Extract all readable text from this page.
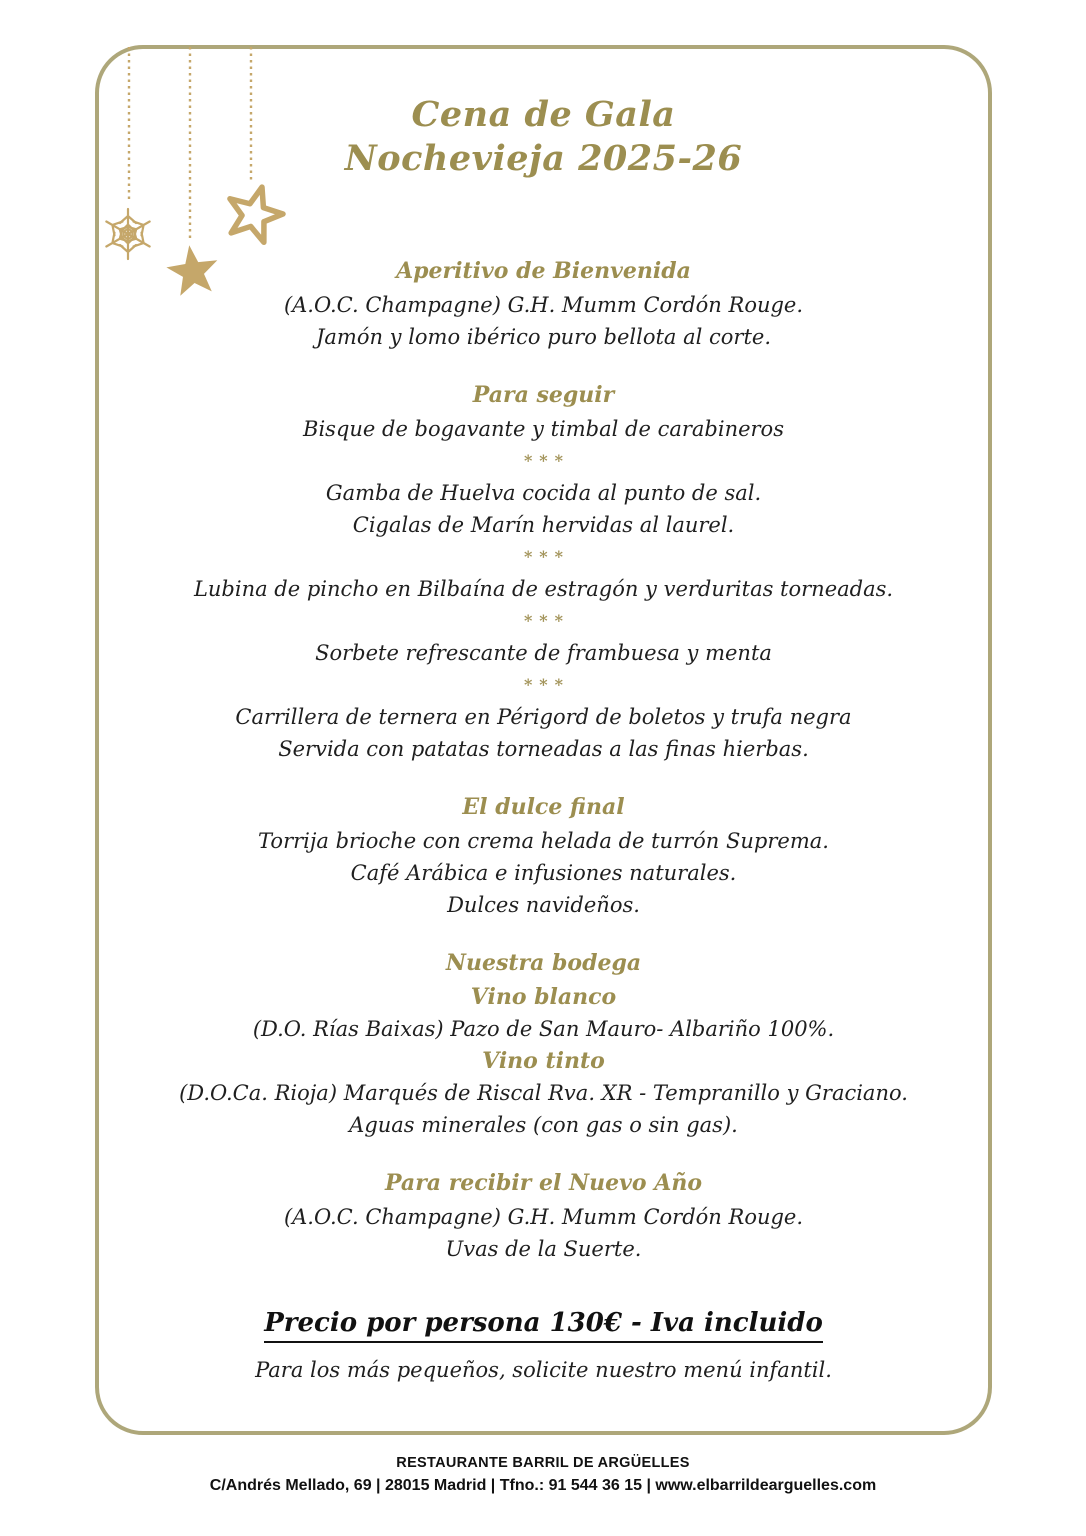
Cena de Gala
Nochevieja 2025-26
Aperitivo de Bienvenida

(A.O.C. Champagne) G.H. Mumm Cordón Rouge.

Jamón y lomo ibérico puro bellota al corte.

Para seguir

Bisque de bogavante y timbal de carabineros

***

Gamba de Huelva cocida al punto de sal.

Cigalas de Marín hervidas al laurel.

***

Lubina de pincho en Bilbaína de estragón y verduritas torneadas.

***

Sorbete refrescante de frambuesa y menta

***

Carrillera de ternera en Périgord de boletos y trufa negra

Servida con patatas torneadas a las finas hierbas.

El dulce final

Torrija brioche con crema helada de turrón Suprema.

Café Arábica e infusiones naturales.

Dulces navideños.

Nuestra bodega

Vino blanco

(D.O. Rías Baixas) Pazo de San Mauro- Albariño 100%.

Vino tinto

(D.O.Ca. Rioja) Marqués de Riscal Rva. XR - Tempranillo y Graciano.

Aguas minerales (con gas o sin gas).

Para recibir el Nuevo Año

(A.O.C. Champagne) G.H. Mumm Cordón Rouge.

Uvas de la Suerte.

Precio por persona 130€ - Iva incluido

Para los más pequeños, solicite nuestro menú infantil.

RESTAURANTE BARRIL DE ARGÜELLES

C/Andrés Mellado, 69 | 28015 Madrid | Tfno.: 91 544 36 15 | www.elbarrildearguelles.com
